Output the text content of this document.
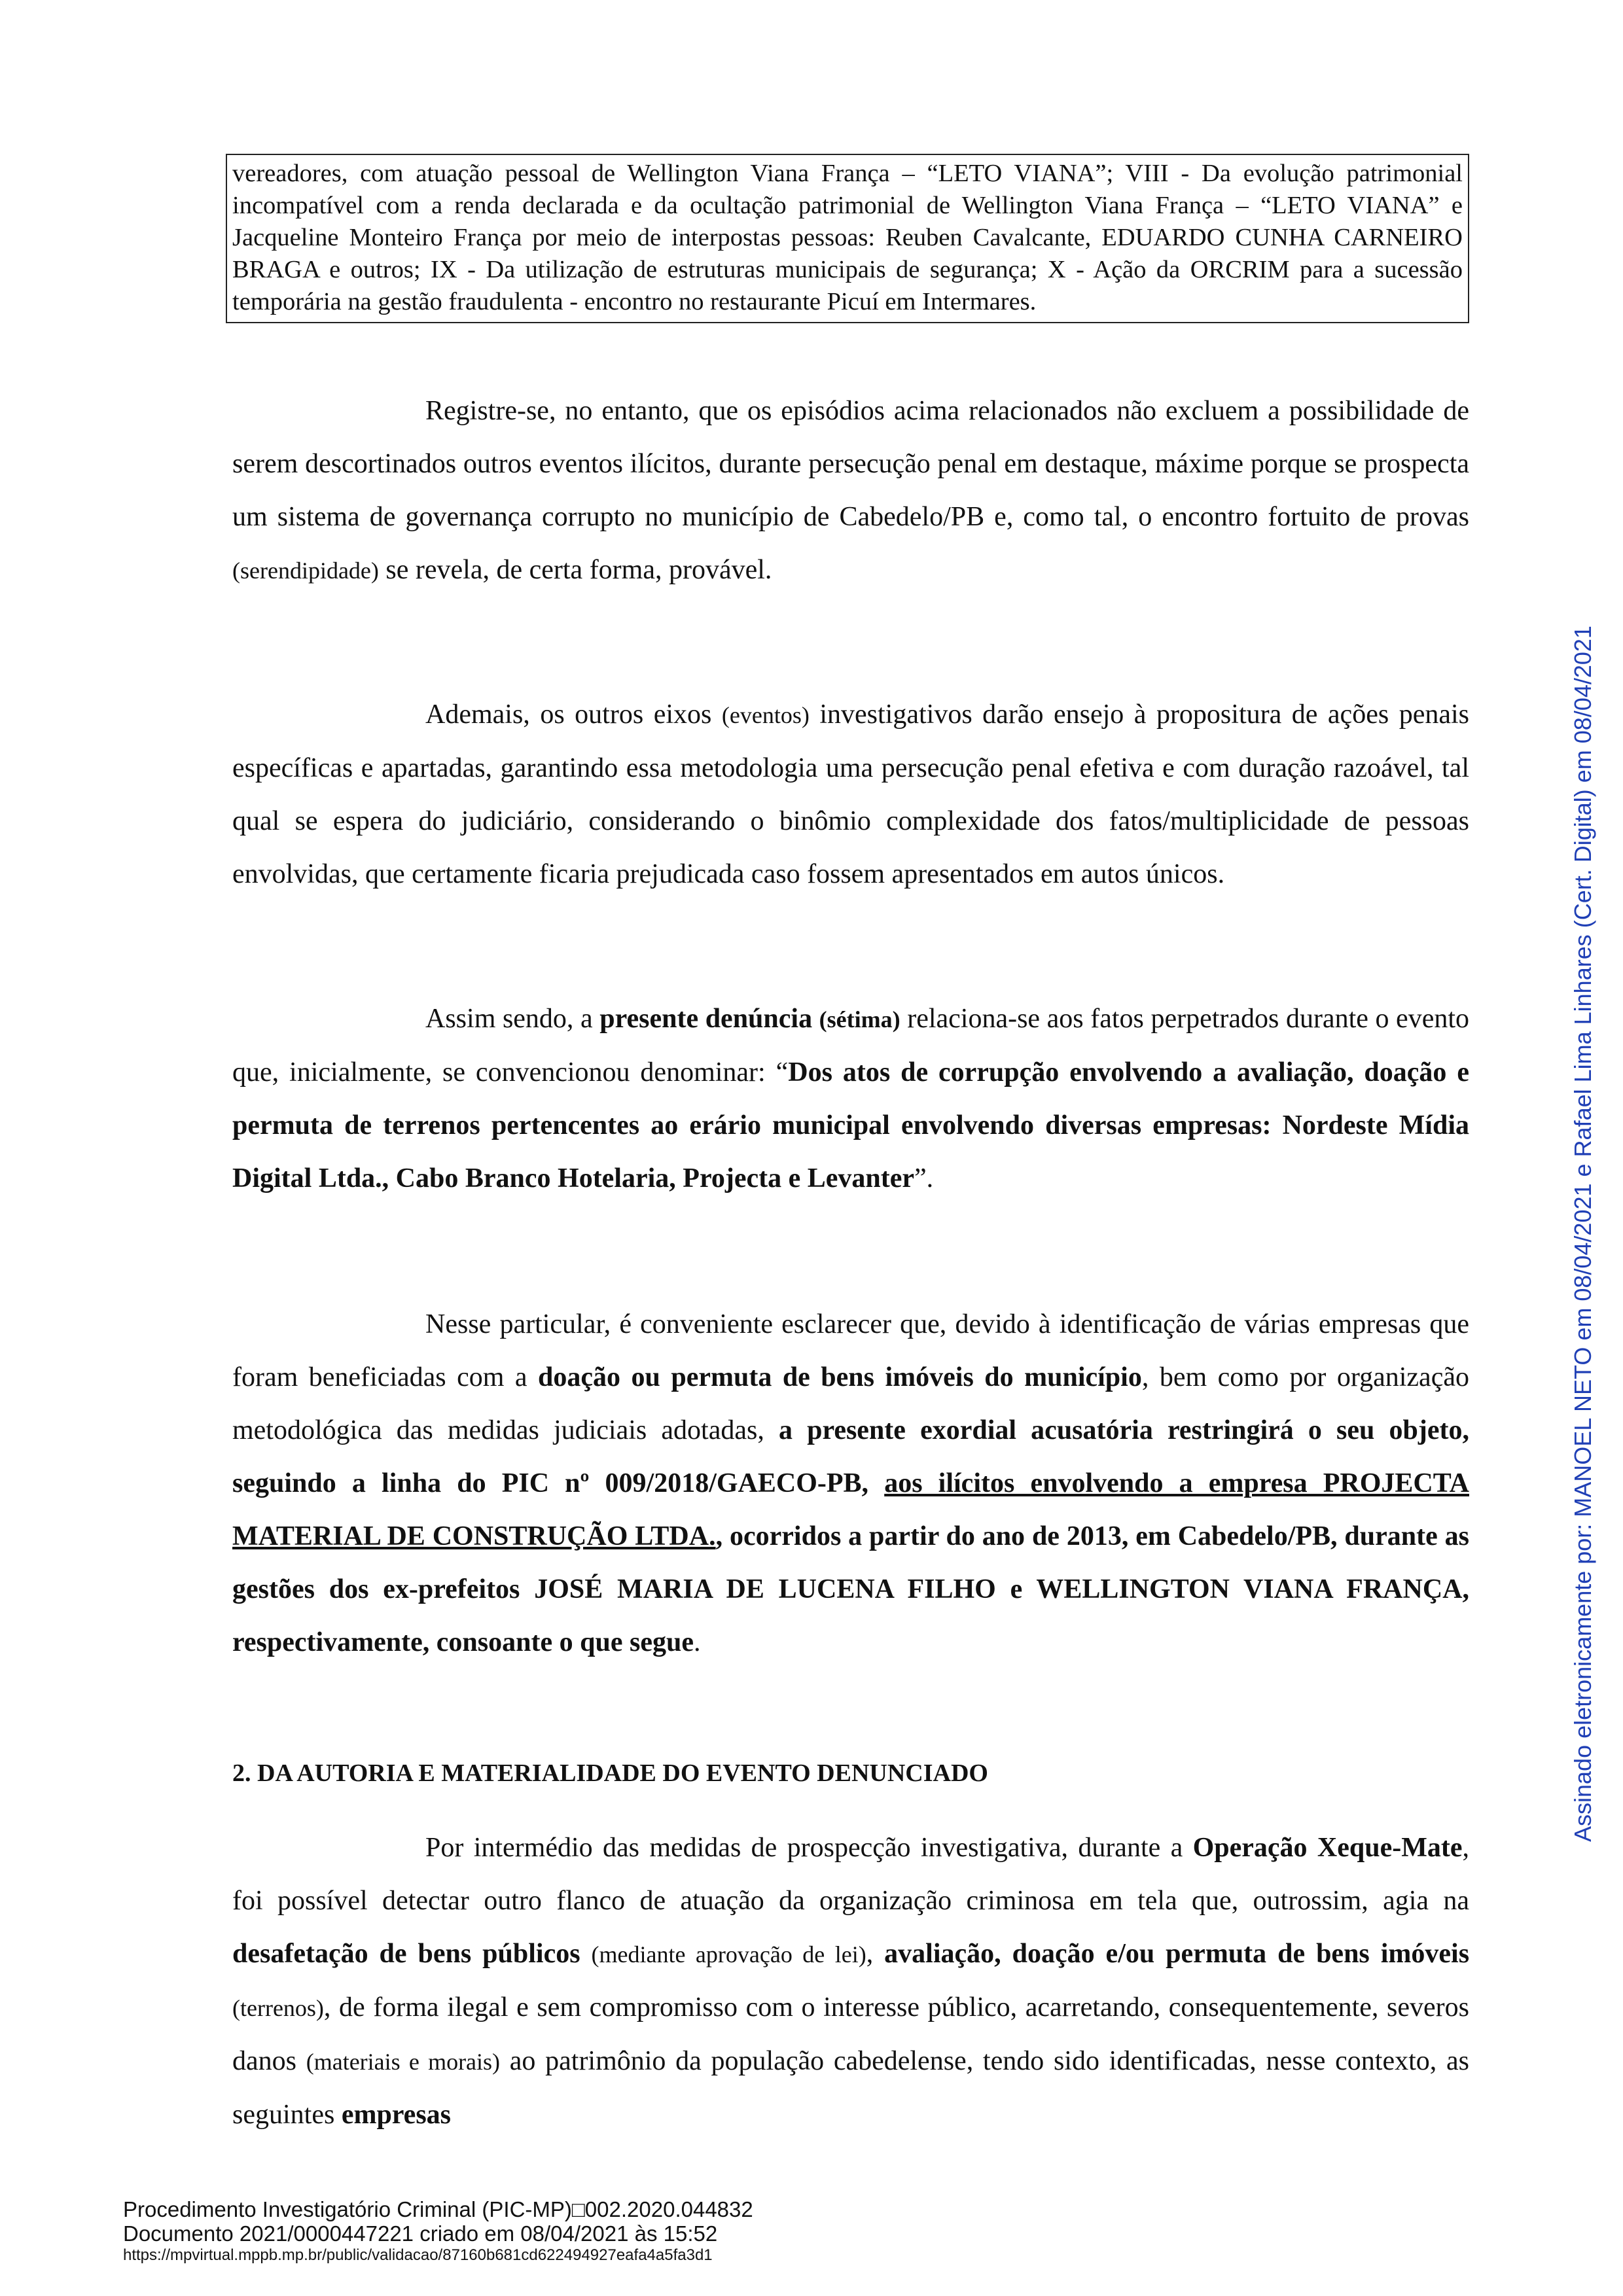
vereadores, com atuação pessoal de Wellington Viana França – “LETO VIANA”; VIII - Da evolução patrimonial incompatível com a renda declarada e da ocultação patrimonial de Wellington Viana França – “LETO VIANA” e Jacqueline Monteiro França por meio de interpostas pessoas: Reuben Cavalcante, EDUARDO CUNHA CARNEIRO BRAGA e outros; IX - Da utilização de estruturas municipais de segurança; X - Ação da ORCRIM para a sucessão temporária na gestão fraudulenta - encontro no restaurante Picuí em Intermares.
Registre-se, no entanto, que os episódios acima relacionados não excluem a possibilidade de serem descortinados outros eventos ilícitos, durante persecução penal em destaque, máxime porque se prospecta um sistema de governança corrupto no município de Cabedelo/PB e, como tal, o encontro fortuito de provas (serendipidade) se revela, de certa forma, provável.
Ademais, os outros eixos (eventos) investigativos darão ensejo à propositura de ações penais específicas e apartadas, garantindo essa metodologia uma persecução penal efetiva e com duração razoável, tal qual se espera do judiciário, considerando o binômio complexidade dos fatos/multiplicidade de pessoas envolvidas, que certamente ficaria prejudicada caso fossem apresentados em autos únicos.
Assim sendo, a presente denúncia (sétima) relaciona-se aos fatos perpetrados durante o evento que, inicialmente, se convencionou denominar: “Dos atos de corrupção envolvendo a avaliação, doação e permuta de terrenos pertencentes ao erário municipal envolvendo diversas empresas: Nordeste Mídia Digital Ltda., Cabo Branco Hotelaria, Projecta e Levanter”.
Nesse particular, é conveniente esclarecer que, devido à identificação de várias empresas que foram beneficiadas com a doação ou permuta de bens imóveis do município, bem como por organização metodológica das medidas judiciais adotadas, a presente exordial acusatória restringirá o seu objeto, seguindo a linha do PIC nº 009/2018/GAECO-PB, aos ilícitos envolvendo a empresa PROJECTA MATERIAL DE CONSTRUÇÃO LTDA., ocorridos a partir do ano de 2013, em Cabedelo/PB, durante as gestões dos ex-prefeitos JOSÉ MARIA DE LUCENA FILHO e WELLINGTON VIANA FRANÇA, respectivamente, consoante o que segue.
2. DA AUTORIA E MATERIALIDADE DO EVENTO DENUNCIADO
Por intermédio das medidas de prospecção investigativa, durante a Operação Xeque-Mate, foi possível detectar outro flanco de atuação da organização criminosa em tela que, outrossim, agia na desafetação de bens públicos (mediante aprovação de lei), avaliação, doação e/ou permuta de bens imóveis (terrenos), de forma ilegal e sem compromisso com o interesse público, acarretando, consequentemente, severos danos (materiais e morais) ao patrimônio da população cabedelense, tendo sido identificadas, nesse contexto, as seguintes empresas
Assinado eletronicamente por: MANOEL NETO em 08/04/2021 e Rafael Lima Linhares (Cert. Digital) em 08/04/2021
Procedimento Investigatório Criminal (PIC-MP)□002.2020.044832
Documento 2021/0000447221 criado em 08/04/2021 às 15:52
https://mpvirtual.mppb.mp.br/public/validacao/87160b681cd622494927eafa4a5fa3d1
